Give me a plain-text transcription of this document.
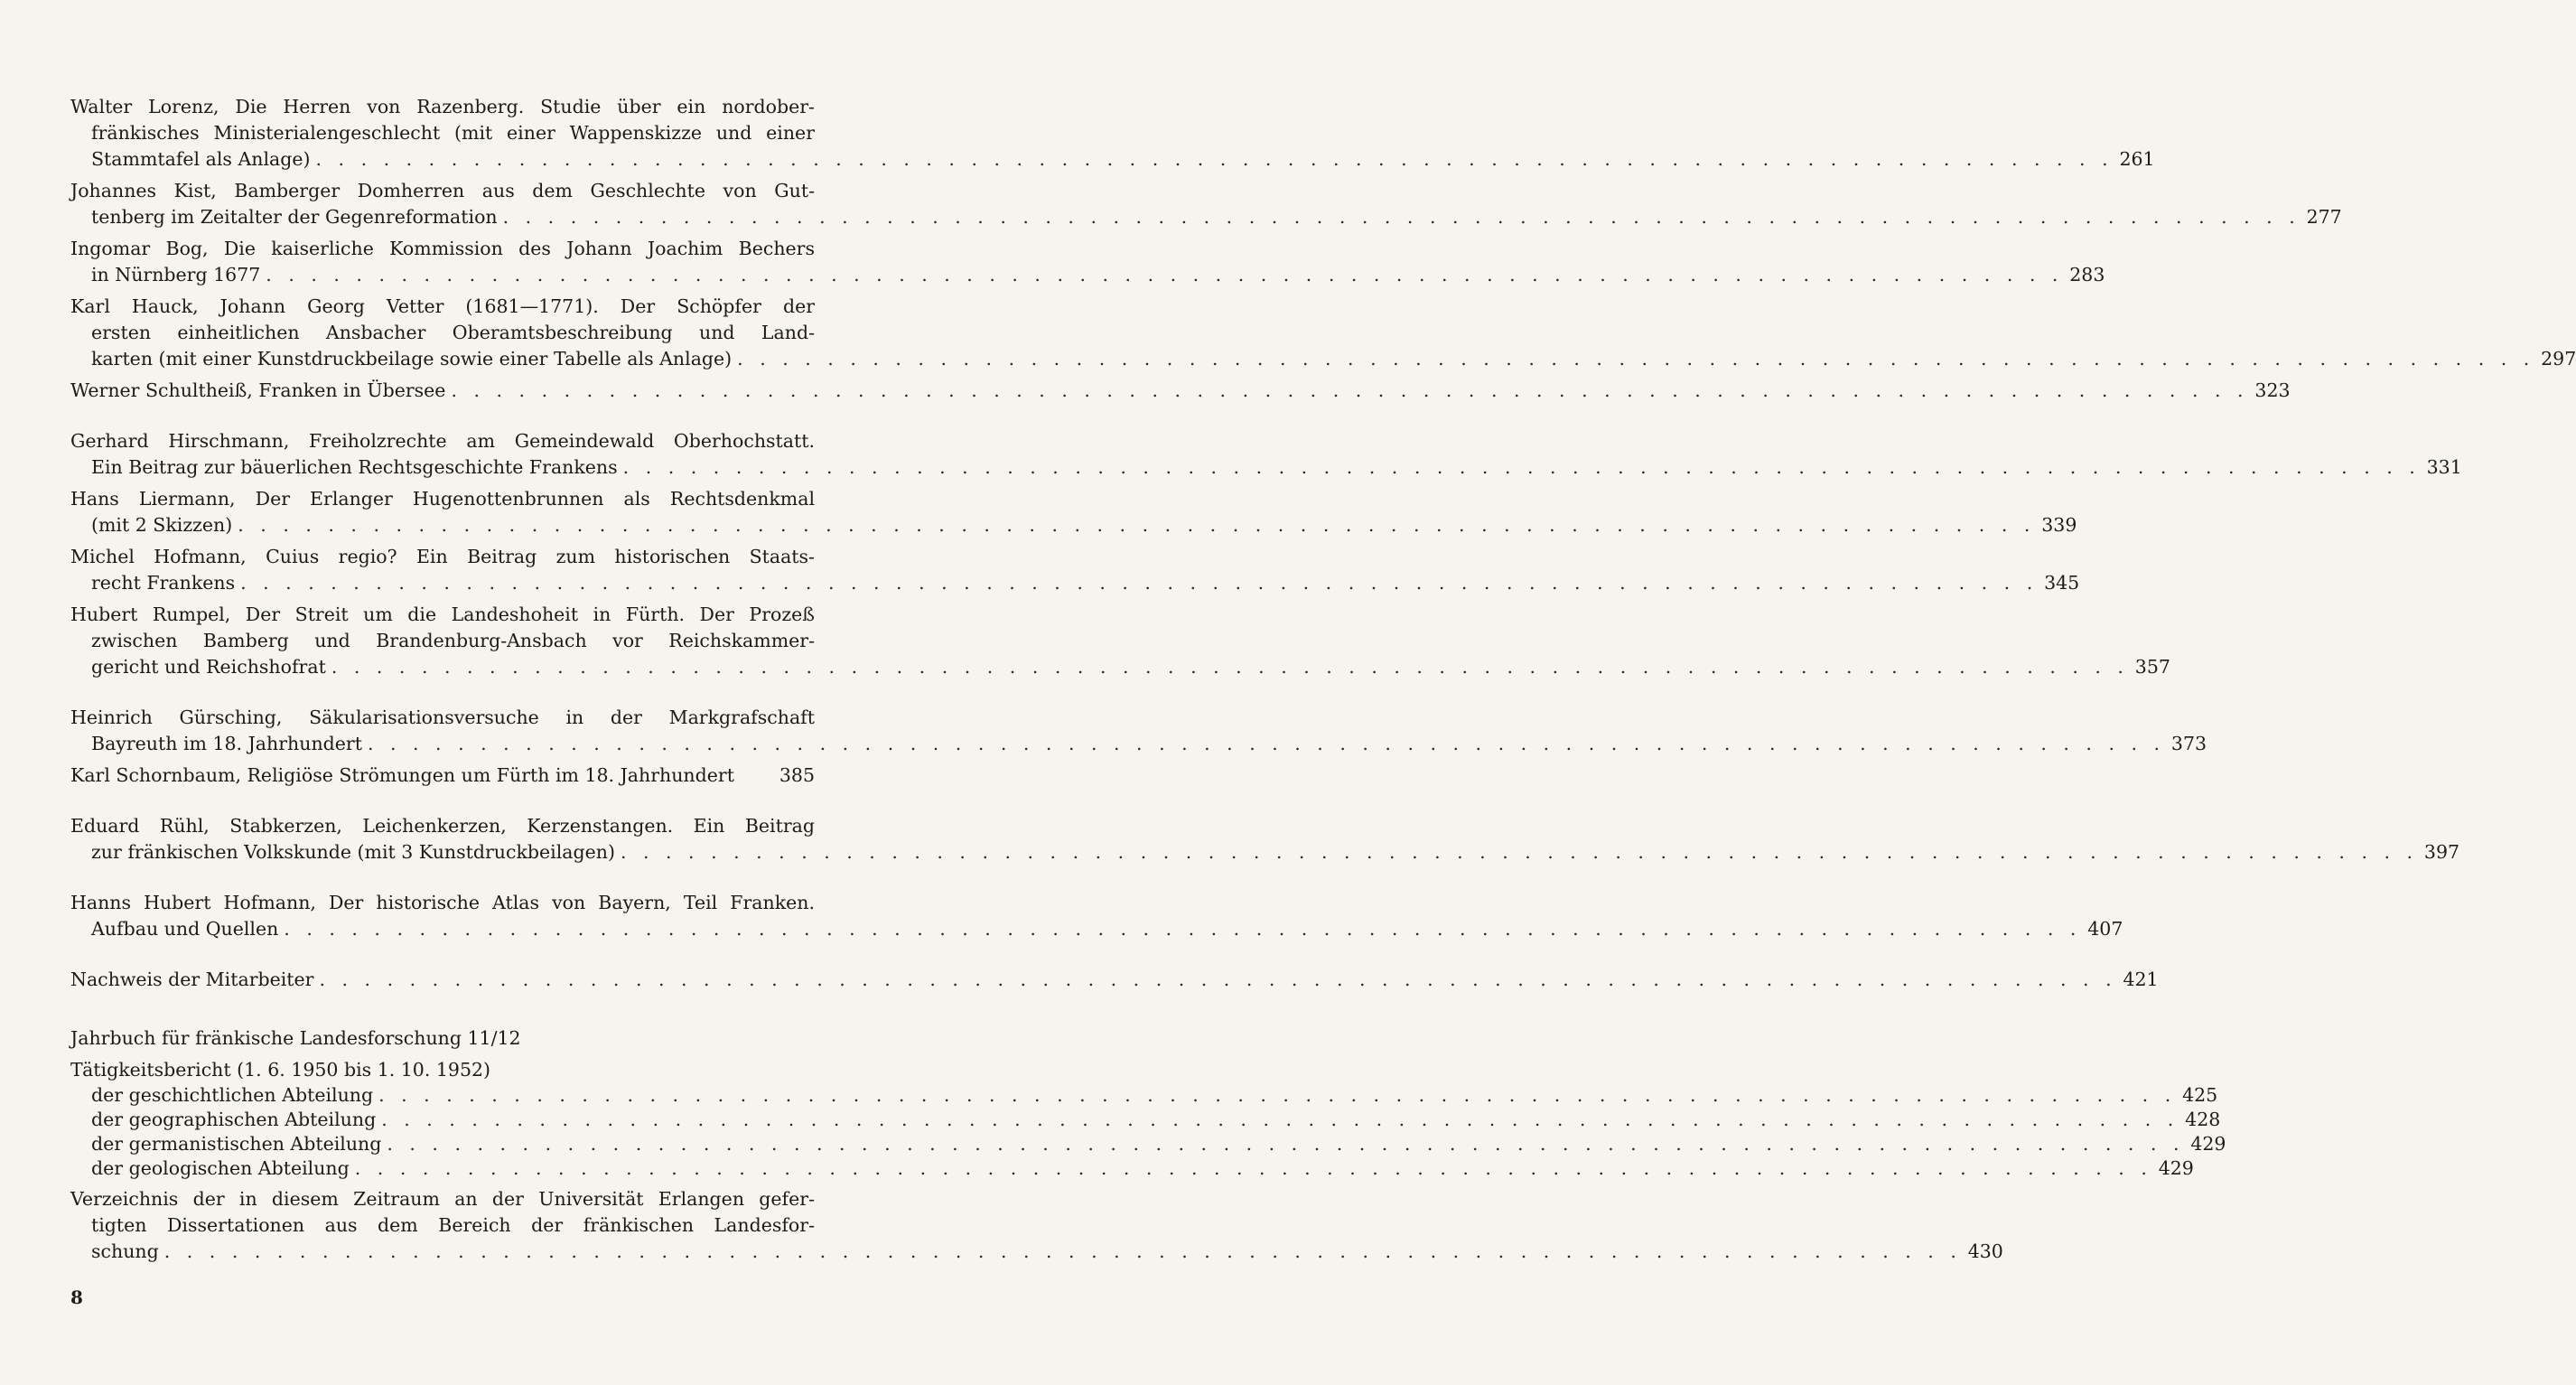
Walter Lorenz, Die Herren von Razenberg. Studie über ein nordober-
fränkisches Ministerialengeschlecht (mit einer Wappenskizze und einer
Stammtafel als Anlage) . . . . . . . . . . . . . . . . . . . . . . . . . . . . . . . . . . . . . . . . . . . . . . . . . . . . . . . . . . . . . . . . . . . . . . . . . . . . . . . . 261
Johannes Kist, Bamberger Domherren aus dem Geschlechte von Gut-
tenberg im Zeitalter der Gegenreformation . . . . . . . . . . . . . . . . . . . . . . . . . . . . . . . . . . . . . . . . . . . . . . . . . . . . . . . . . . . . . . . . . . . . . . . . . . . . . . . . 277
Ingomar Bog, Die kaiserliche Kommission des Johann Joachim Bechers
in Nürnberg 1677 . . . . . . . . . . . . . . . . . . . . . . . . . . . . . . . . . . . . . . . . . . . . . . . . . . . . . . . . . . . . . . . . . . . . . . . . . . . . . . . . 283
Karl Hauck, Johann Georg Vetter (1681—1771). Der Schöpfer der
ersten einheitlichen Ansbacher Oberamtsbeschreibung und Land-
karten (mit einer Kunstdruckbeilage sowie einer Tabelle als Anlage) . . . . . . . . . . . . . . . . . . . . . . . . . . . . . . . . . . . . . . . . . . . . . . . . . . . . . . . . . . . . . . . . . . . . . . . . . . . . . . . . 297
Werner Schultheiß, Franken in Übersee . . . . . . . . . . . . . . . . . . . . . . . . . . . . . . . . . . . . . . . . . . . . . . . . . . . . . . . . . . . . . . . . . . . . . . . . . . . . . . . . 323
Gerhard Hirschmann, Freiholzrechte am Gemeindewald Oberhochstatt.
Ein Beitrag zur bäuerlichen Rechtsgeschichte Frankens . . . . . . . . . . . . . . . . . . . . . . . . . . . . . . . . . . . . . . . . . . . . . . . . . . . . . . . . . . . . . . . . . . . . . . . . . . . . . . . . 331
Hans Liermann, Der Erlanger Hugenottenbrunnen als Rechtsdenkmal
(mit 2 Skizzen) . . . . . . . . . . . . . . . . . . . . . . . . . . . . . . . . . . . . . . . . . . . . . . . . . . . . . . . . . . . . . . . . . . . . . . . . . . . . . . . . 339
Michel Hofmann, Cuius regio? Ein Beitrag zum historischen Staats-
recht Frankens . . . . . . . . . . . . . . . . . . . . . . . . . . . . . . . . . . . . . . . . . . . . . . . . . . . . . . . . . . . . . . . . . . . . . . . . . . . . . . . . 345
Hubert Rumpel, Der Streit um die Landeshoheit in Fürth. Der Prozeß
zwischen Bamberg und Brandenburg-Ansbach vor Reichskammer-
gericht und Reichshofrat . . . . . . . . . . . . . . . . . . . . . . . . . . . . . . . . . . . . . . . . . . . . . . . . . . . . . . . . . . . . . . . . . . . . . . . . . . . . . . . . 357
Heinrich Gürsching, Säkularisationsversuche in der Markgrafschaft
Bayreuth im 18. Jahrhundert . . . . . . . . . . . . . . . . . . . . . . . . . . . . . . . . . . . . . . . . . . . . . . . . . . . . . . . . . . . . . . . . . . . . . . . . . . . . . . . . 373
Karl Schornbaum, Religiöse Strömungen um Fürth im 18. Jahrhundert 385
Eduard Rühl, Stabkerzen, Leichenkerzen, Kerzenstangen. Ein Beitrag
zur fränkischen Volkskunde (mit 3 Kunstdruckbeilagen) . . . . . . . . . . . . . . . . . . . . . . . . . . . . . . . . . . . . . . . . . . . . . . . . . . . . . . . . . . . . . . . . . . . . . . . . . . . . . . . . 397
Hanns Hubert Hofmann, Der historische Atlas von Bayern, Teil Franken.
Aufbau und Quellen . . . . . . . . . . . . . . . . . . . . . . . . . . . . . . . . . . . . . . . . . . . . . . . . . . . . . . . . . . . . . . . . . . . . . . . . . . . . . . . . 407
Nachweis der Mitarbeiter . . . . . . . . . . . . . . . . . . . . . . . . . . . . . . . . . . . . . . . . . . . . . . . . . . . . . . . . . . . . . . . . . . . . . . . . . . . . . . . . 421
Jahrbuch für fränkische Landesforschung 11/12
Tätigkeitsbericht (1. 6. 1950 bis 1. 10. 1952)
der geschichtlichen Abteilung . . . . . . . . . . . . . . . . . . . . . . . . . . . . . . . . . . . . . . . . . . . . . . . . . . . . . . . . . . . . . . . . . . . . . . . . . . . . . . . . 425
der geographischen Abteilung . . . . . . . . . . . . . . . . . . . . . . . . . . . . . . . . . . . . . . . . . . . . . . . . . . . . . . . . . . . . . . . . . . . . . . . . . . . . . . . . 428
der germanistischen Abteilung . . . . . . . . . . . . . . . . . . . . . . . . . . . . . . . . . . . . . . . . . . . . . . . . . . . . . . . . . . . . . . . . . . . . . . . . . . . . . . . . 429
der geologischen Abteilung . . . . . . . . . . . . . . . . . . . . . . . . . . . . . . . . . . . . . . . . . . . . . . . . . . . . . . . . . . . . . . . . . . . . . . . . . . . . . . . . 429
Verzeichnis der in diesem Zeitraum an der Universität Erlangen gefer-
tigten Dissertationen aus dem Bereich der fränkischen Landesfor-
schung . . . . . . . . . . . . . . . . . . . . . . . . . . . . . . . . . . . . . . . . . . . . . . . . . . . . . . . . . . . . . . . . . . . . . . . . . . . . . . . . 430
8
